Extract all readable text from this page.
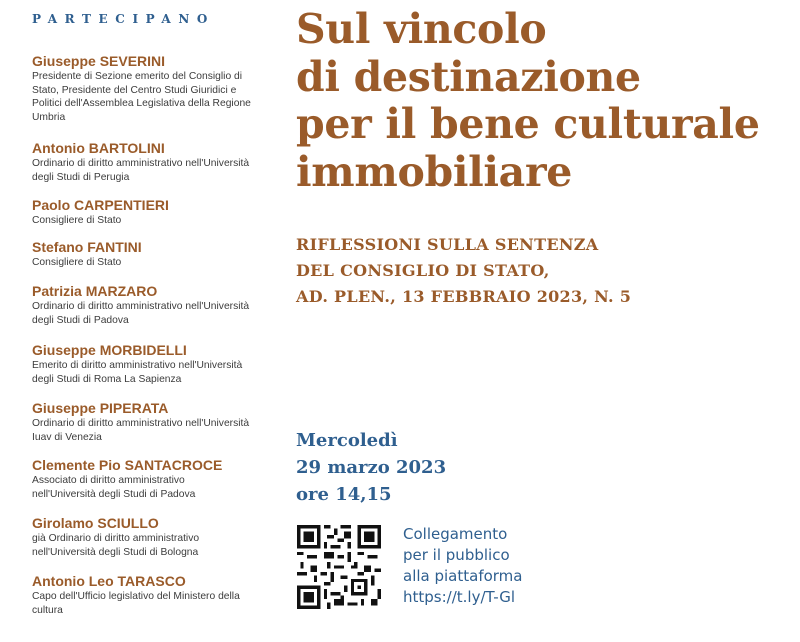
PARTECIPANO
Giuseppe SEVERINI
Presidente di Sezione emerito del Consiglio di
Stato, Presidente del Centro Studi Giuridici e
Politici dell'Assemblea Legislativa della Regione
Umbria
Antonio BARTOLINI
Ordinario di diritto amministrativo nell'Università
degli Studi di Perugia
Paolo CARPENTIERI
Consigliere di Stato
Stefano FANTINI
Consigliere di Stato
Patrizia MARZARO
Ordinario di diritto amministrativo nell'Università
degli Studi di Padova
Giuseppe MORBIDELLI
Emerito di diritto amministrativo nell'Università
degli Studi di Roma La Sapienza
Giuseppe PIPERATA
Ordinario di diritto amministrativo nell'Università
Iuav di Venezia
Clemente Pio SANTACROCE
Associato di diritto amministrativo
nell'Università degli Studi di Padova
Girolamo SCIULLO
già Ordinario di diritto amministrativo
nell'Università degli Studi di Bologna
Antonio Leo TARASCO
Capo dell'Ufficio legislativo del Ministero della
cultura
Sul vincolo
di destinazione
per il bene culturale
immobiliare
RIFLESSIONI SULLA SENTENZA
DEL CONSIGLIO DI STATO,
AD. PLEN., 13 FEBBRAIO 2023, N. 5
Mercoledì
29 marzo 2023
ore 14,15
Collegamento
per il pubblico
alla piattaforma
https://t.ly/T-Gl
